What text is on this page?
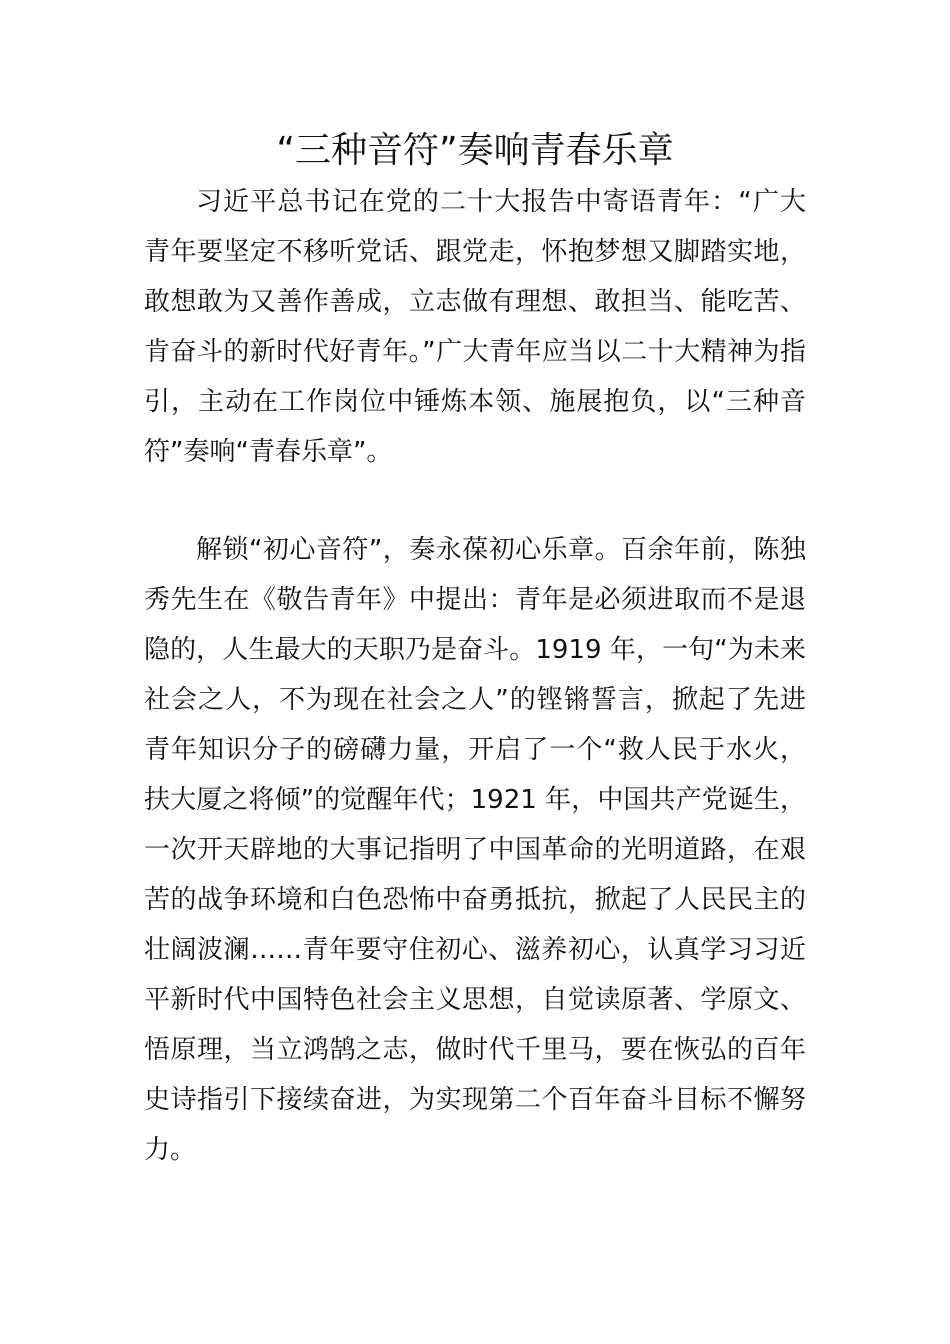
“三种音符”奏响青春乐章

习近平总书记在党的二十大报告中寄语青年：“广大青年要坚定不移听党话、跟党走，怀抱梦想又脚踏实地，敢想敢为又善作善成，立志做有理想、敢担当、能吃苦、肯奋斗的新时代好青年。”广大青年应当以二十大精神为指引，主动在工作岗位中锤炼本领、施展抱负，以“三种音符”奏响“青春乐章”。

解锁“初心音符”，奏永葆初心乐章。百余年前，陈独秀先生在《敬告青年》中提出：青年是必须进取而不是退隐的，人生最大的天职乃是奋斗。1919 年，一句“为未来社会之人，不为现在社会之人”的铿锵誓言，掀起了先进青年知识分子的磅礴力量，开启了一个“救人民于水火，扶大厦之将倾”的觉醒年代；1921 年，中国共产党诞生，一次开天辟地的大事记指明了中国革命的光明道路，在艰苦的战争环境和白色恐怖中奋勇抵抗，掀起了人民民主的壮阔波澜……青年要守住初心、滋养初心，认真学习习近平新时代中国特色社会主义思想，自觉读原著、学原文、悟原理，当立鸿鹄之志，做时代千里马，要在恢弘的百年史诗指引下接续奋进，为实现第二个百年奋斗目标不懈努力。
